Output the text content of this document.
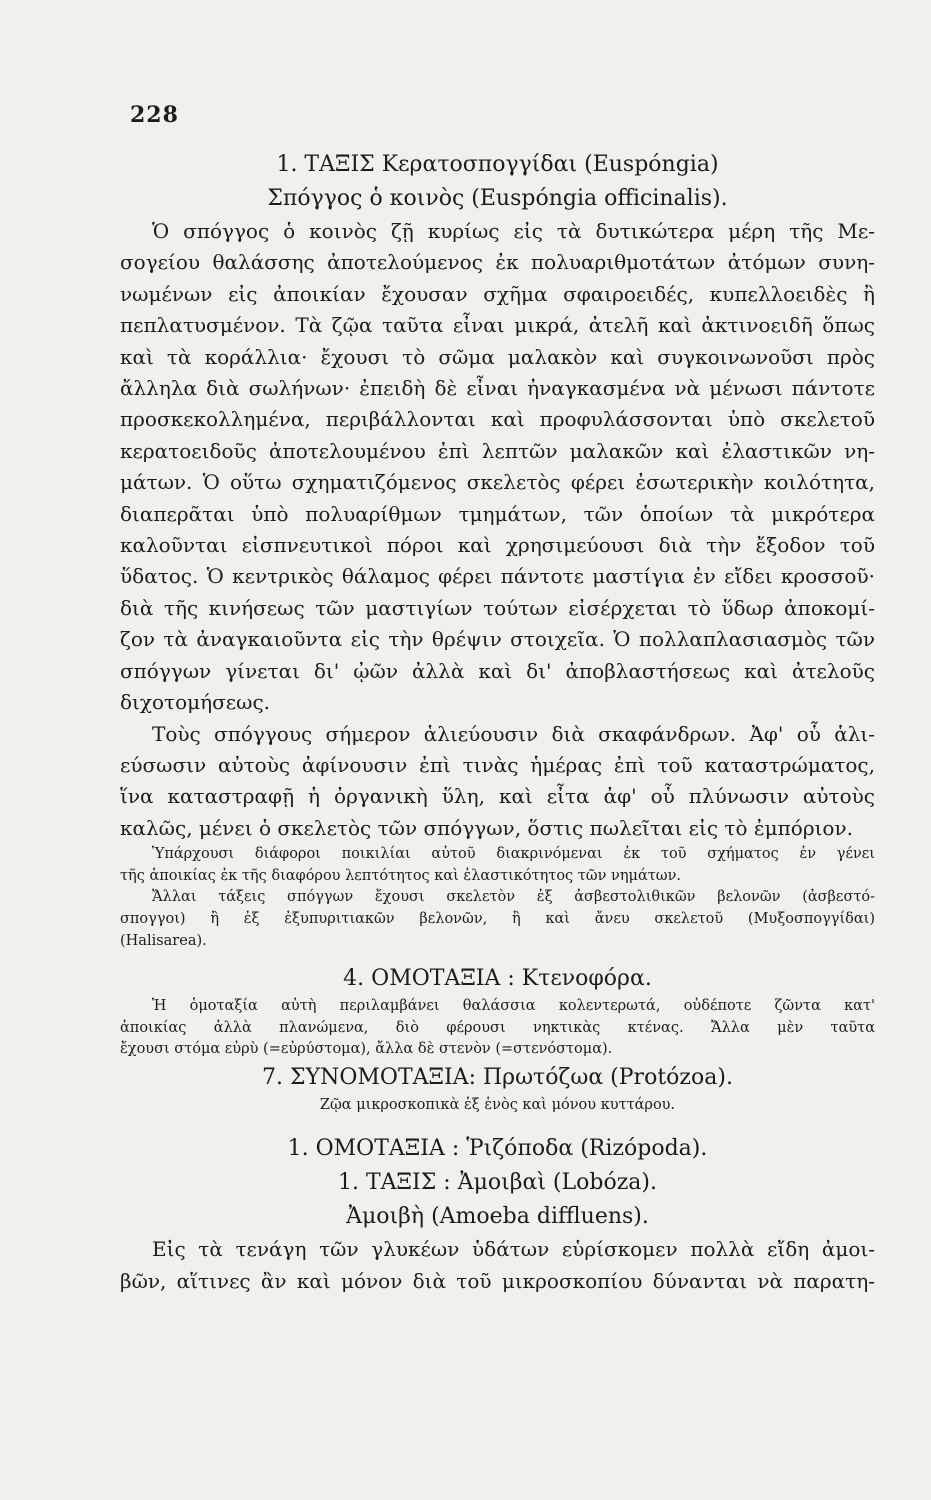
228
1. ΤΑΞΙΣ Κερατοσπογγίδαι (Euspóngia)
Σπόγγος ὁ κοινὸς (Euspóngia officinalis).
Ὁ σπόγγος ὁ κοινὸς ζῇ κυρίως εἰς τὰ δυτικώτερα μέρη τῆς Με-
σογείου θαλάσσης ἀποτελούμενος ἐκ πολυαριθμοτάτων ἀτόμων συνη-
νωμένων εἰς ἀποικίαν ἔχουσαν σχῆμα σφαιροειδές, κυπελλοειδὲς ἢ
πεπλατυσμένον. Τὰ ζῷα ταῦτα εἶναι μικρά, ἀτελῆ καὶ ἀκτινοειδῆ ὅπως
καὶ τὰ κοράλλια· ἔχουσι τὸ σῶμα μαλακὸν καὶ συγκοινωνοῦσι πρὸς
ἄλληλα διὰ σωλήνων· ἐπειδὴ δὲ εἶναι ἠναγκασμένα νὰ μένωσι πάντοτε
προσκεκολλημένα, περιβάλλονται καὶ προφυλάσσονται ὑπὸ σκελετοῦ
κερατοειδοῦς ἀποτελουμένου ἐπὶ λεπτῶν μαλακῶν καὶ ἐλαστικῶν νη-
μάτων. Ὁ οὕτω σχηματιζόμενος σκελετὸς φέρει ἐσωτερικὴν κοιλότητα,
διαπερᾶται ὑπὸ πολυαρίθμων τμημάτων, τῶν ὁποίων τὰ μικρότερα
καλοῦνται εἰσπνευτικοὶ πόροι καὶ χρησιμεύουσι διὰ τὴν ἔξοδον τοῦ
ὕδατος. Ὁ κεντρικὸς θάλαμος φέρει πάντοτε μαστίγια ἐν εἴδει κροσσοῦ·
διὰ τῆς κινήσεως τῶν μαστιγίων τούτων εἰσέρχεται τὸ ὕδωρ ἀποκομί-
ζον τὰ ἀναγκαιοῦντα εἰς τὴν θρέψιν στοιχεῖα. Ὁ πολλαπλασιασμὸς τῶν
σπόγγων γίνεται δι' ᾠῶν ἀλλὰ καὶ δι' ἀποβλαστήσεως καὶ ἀτελοῦς
διχοτομήσεως.
Τοὺς σπόγγους σήμερον ἁλιεύουσιν διὰ σκαφάνδρων. Ἀφ' οὗ ἁλι-
εύσωσιν αὐτοὺς ἀφίνουσιν ἐπὶ τινὰς ἡμέρας ἐπὶ τοῦ καταστρώματος,
ἵνα καταστραφῇ ἡ ὀργανικὴ ὕλη, καὶ εἶτα ἀφ' οὗ πλύνωσιν αὐτοὺς
καλῶς, μένει ὁ σκελετὸς τῶν σπόγγων, ὅστις πωλεῖται εἰς τὸ ἐμπόριον.
Ὑπάρχουσι διάφοροι ποικιλίαι αὐτοῦ διακρινόμεναι ἐκ τοῦ σχήματος ἐν γένει
τῆς ἀποικίας ἐκ τῆς διαφόρου λεπτότητος καὶ ἐλαστικότητος τῶν νημάτων.
Ἄλλαι τάξεις σπόγγων ἔχουσι σκελετὸν ἐξ ἀσβεστολιθικῶν βελονῶν (ἀσβεστό-
σπογγοι) ἢ ἐξ ἐξυπυριτιακῶν βελονῶν, ἢ καὶ ἄνευ σκελετοῦ (Μυξοσπογγίδαι)
(Halisarea).
4. ΟΜΟΤΑΞΙΑ : Κτενοφόρα.
Ἡ ὁμοταξία αὐτὴ περιλαμβάνει θαλάσσια κολεντερωτά, οὐδέποτε ζῶντα κατ'
ἀποικίας ἀλλὰ πλανώμενα, διὸ φέρουσι νηκτικὰς κτένας. Ἄλλα μὲν ταῦτα
ἔχουσι στόμα εὐρὺ (=εὐρύστομα), ἄλλα δὲ στενὸν (=στενόστομα).
7. ΣΥΝΟΜΟΤΑΞΙΑ: Πρωτόζωα (Protózoa).
Ζῷα μικροσκοπικὰ ἐξ ἑνὸς καὶ μόνου κυττάρου.
1. ΟΜΟΤΑΞΙΑ : Ῥιζόποδα (Rizópoda).
1. ΤΑΞΙΣ : Ἀμοιβαὶ (Lobóza).
Ἀμοιβὴ (Amoeba diffluens).
Εἰς τὰ τενάγη τῶν γλυκέων ὑδάτων εὑρίσκομεν πολλὰ εἴδη ἀμοι-
βῶν, αἵτινες ἂν καὶ μόνον διὰ τοῦ μικροσκοπίου δύνανται νὰ παρατη-
